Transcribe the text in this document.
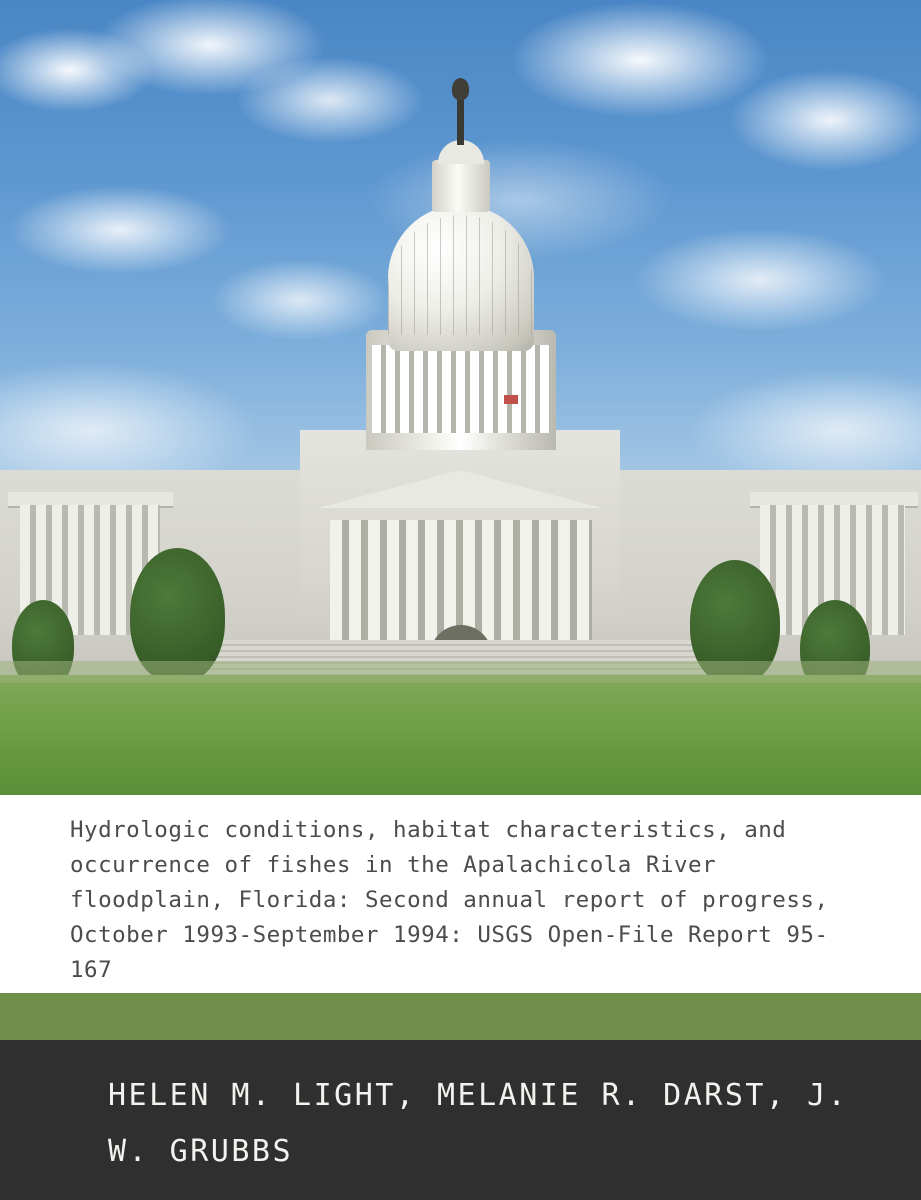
Hydrologic conditions, habitat characteristics, and occurrence of fishes in the Apalachicola River floodplain, Florida: Second annual report of progress, October 1993-September 1994: USGS Open-File Report 95-167

HELEN M. LIGHT, MELANIE R. DARST, J. W. GRUBBS
